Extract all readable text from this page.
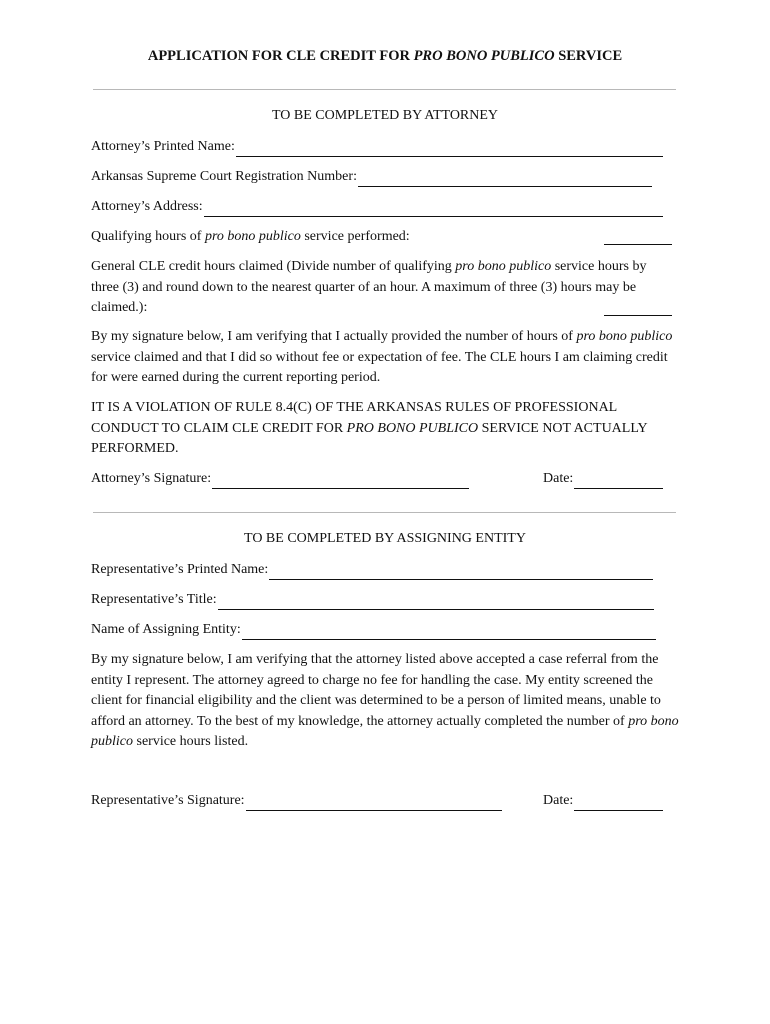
APPLICATION FOR CLE CREDIT FOR PRO BONO PUBLICO SERVICE
TO BE COMPLETED BY ATTORNEY
Attorney’s Printed Name:
Arkansas Supreme Court Registration Number:
Attorney’s Address:
Qualifying hours of pro bono publico service performed:
General CLE credit hours claimed (Divide number of qualifying pro bono publico service hours by three (3) and round down to the nearest quarter of an hour. A maximum of three (3) hours may be claimed.):
By my signature below, I am verifying that I actually provided the number of hours of pro bono publico service claimed and that I did so without fee or expectation of fee. The CLE hours I am claiming credit for were earned during the current reporting period.
IT IS A VIOLATION OF RULE 8.4(C) OF THE ARKANSAS RULES OF PROFESSIONAL CONDUCT TO CLAIM CLE CREDIT FOR PRO BONO PUBLICO SERVICE NOT ACTUALLY PERFORMED.
Attorney’s Signature:	Date:
TO BE COMPLETED BY ASSIGNING ENTITY
Representative’s Printed Name:
Representative’s Title:
Name of Assigning Entity:
By my signature below, I am verifying that the attorney listed above accepted a case referral from the entity I represent. The attorney agreed to charge no fee for handling the case. My entity screened the client for financial eligibility and the client was determined to be a person of limited means, unable to afford an attorney. To the best of my knowledge, the attorney actually completed the number of pro bono publico service hours listed.
Representative’s Signature:	Date:
